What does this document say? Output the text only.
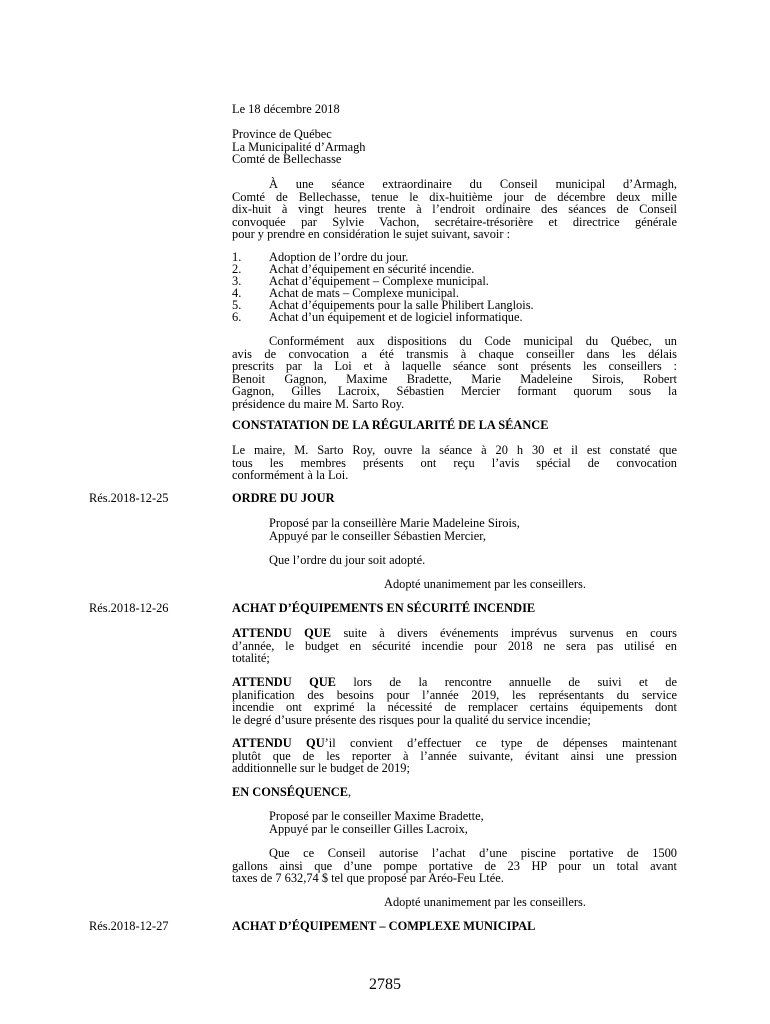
Le 18 décembre 2018
Province de Québec
La Municipalité d’Armagh
Comté de Bellechasse
À une séance extraordinaire du Conseil municipal d’Armagh,
Comté de Bellechasse, tenue le dix-huitième jour de décembre deux mille
dix-huit à vingt heures trente à l’endroit ordinaire des séances de Conseil
convoquée par Sylvie Vachon, secrétaire-trésorière et directrice générale
pour y prendre en considération le sujet suivant, savoir :
1. Adoption de l’ordre du jour.
2. Achat d’équipement en sécurité incendie.
3. Achat d’équipement – Complexe municipal.
4. Achat de mats – Complexe municipal.
5. Achat d’équipements pour la salle Philibert Langlois.
6. Achat d’un équipement et de logiciel informatique.
Conformément aux dispositions du Code municipal du Québec, un
avis de convocation a été transmis à chaque conseiller dans les délais
prescrits par la Loi et à laquelle séance sont présents les conseillers :
Benoit Gagnon, Maxime Bradette, Marie Madeleine Sirois, Robert
Gagnon, Gilles Lacroix, Sébastien Mercier formant quorum sous la
présidence du maire M. Sarto Roy.
CONSTATATION DE LA RÉGULARITÉ DE LA SÉANCE
Le maire, M. Sarto Roy, ouvre la séance à 20 h 30 et il est constaté que
tous les membres présents ont reçu l’avis spécial de convocation
conformément à la Loi.
Rés.2018-12-25	ORDRE DU JOUR
Proposé par la conseillère Marie Madeleine Sirois,
Appuyé par le conseiller Sébastien Mercier,
Que l’ordre du jour soit adopté.
Adopté unanimement par les conseillers.
Rés.2018-12-26	ACHAT D’ÉQUIPEMENTS EN SÉCURITÉ INCENDIE
ATTENDU QUE suite à divers événements imprévus survenus en cours
d’année, le budget en sécurité incendie pour 2018 ne sera pas utilisé en
totalité;
ATTENDU QUE lors de la rencontre annuelle de suivi et de
planification des besoins pour l’année 2019, les représentants du service
incendie ont exprimé la nécessité de remplacer certains équipements dont
le degré d’usure présente des risques pour la qualité du service incendie;
ATTENDU QU’il convient d’effectuer ce type de dépenses maintenant
plutôt que de les reporter à l’année suivante, évitant ainsi une pression
additionnelle sur le budget de 2019;
EN CONSÉQUENCE,
Proposé par le conseiller Maxime Bradette,
Appuyé par le conseiller Gilles Lacroix,
Que ce Conseil autorise l’achat d’une piscine portative de 1500
gallons ainsi que d’une pompe portative de 23 HP pour un total avant
taxes de 7 632,74 $ tel que proposé par Aréo-Feu Ltée.
Adopté unanimement par les conseillers.
Rés.2018-12-27	ACHAT D’ÉQUIPEMENT – COMPLEXE MUNICIPAL
2785
